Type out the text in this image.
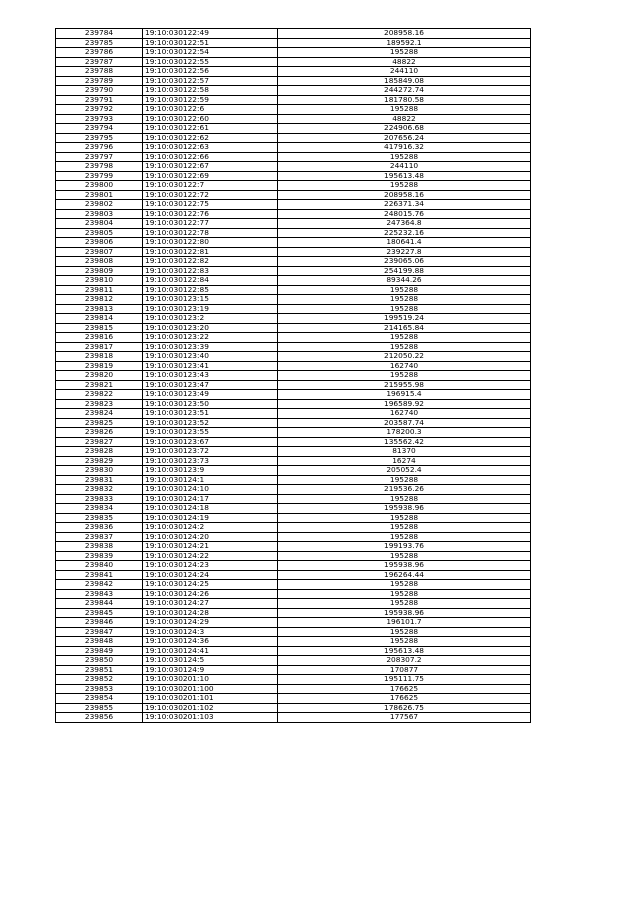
239784	19:10:030122:49	208958.16
239785	19:10:030122:51	189592.1
239786	19:10:030122:54	195288
239787	19:10:030122:55	48822
239788	19:10:030122:56	244110
239789	19:10:030122:57	185849.08
239790	19:10:030122:58	244272.74
239791	19:10:030122:59	181780.58
239792	19:10:030122:6	195288
239793	19:10:030122:60	48822
239794	19:10:030122:61	224906.68
239795	19:10:030122:62	207656.24
239796	19:10:030122:63	417916.32
239797	19:10:030122:66	195288
239798	19:10:030122:67	244110
239799	19:10:030122:69	195613.48
239800	19:10:030122:7	195288
239801	19:10:030122:72	208958.16
239802	19:10:030122:75	226371.34
239803	19:10:030122:76	248015.76
239804	19:10:030122:77	247364.8
239805	19:10:030122:78	225232.16
239806	19:10:030122:80	180641.4
239807	19:10:030122:81	239227.8
239808	19:10:030122:82	239065.06
239809	19:10:030122:83	254199.88
239810	19:10:030122:84	89344.26
239811	19:10:030122:85	195288
239812	19:10:030123:15	195288
239813	19:10:030123:19	195288
239814	19:10:030123:2	199519.24
239815	19:10:030123:20	214165.84
239816	19:10:030123:22	195288
239817	19:10:030123:39	195288
239818	19:10:030123:40	212050.22
239819	19:10:030123:41	162740
239820	19:10:030123:43	195288
239821	19:10:030123:47	215955.98
239822	19:10:030123:49	196915.4
239823	19:10:030123:50	196589.92
239824	19:10:030123:51	162740
239825	19:10:030123:52	203587.74
239826	19:10:030123:55	178200.3
239827	19:10:030123:67	135562.42
239828	19:10:030123:72	81370
239829	19:10:030123:73	16274
239830	19:10:030123:9	205052.4
239831	19:10:030124:1	195288
239832	19:10:030124:10	219536.26
239833	19:10:030124:17	195288
239834	19:10:030124:18	195938.96
239835	19:10:030124:19	195288
239836	19:10:030124:2	195288
239837	19:10:030124:20	195288
239838	19:10:030124:21	199193.76
239839	19:10:030124:22	195288
239840	19:10:030124:23	195938.96
239841	19:10:030124:24	196264.44
239842	19:10:030124:25	195288
239843	19:10:030124:26	195288
239844	19:10:030124:27	195288
239845	19:10:030124:28	195938.96
239846	19:10:030124:29	196101.7
239847	19:10:030124:3	195288
239848	19:10:030124:36	195288
239849	19:10:030124:41	195613.48
239850	19:10:030124:5	208307.2
239851	19:10:030124:9	170877
239852	19:10:030201:10	195111.75
239853	19:10:030201:100	176625
239854	19:10:030201:101	176625
239855	19:10:030201:102	178626.75
239856	19:10:030201:103	177567
